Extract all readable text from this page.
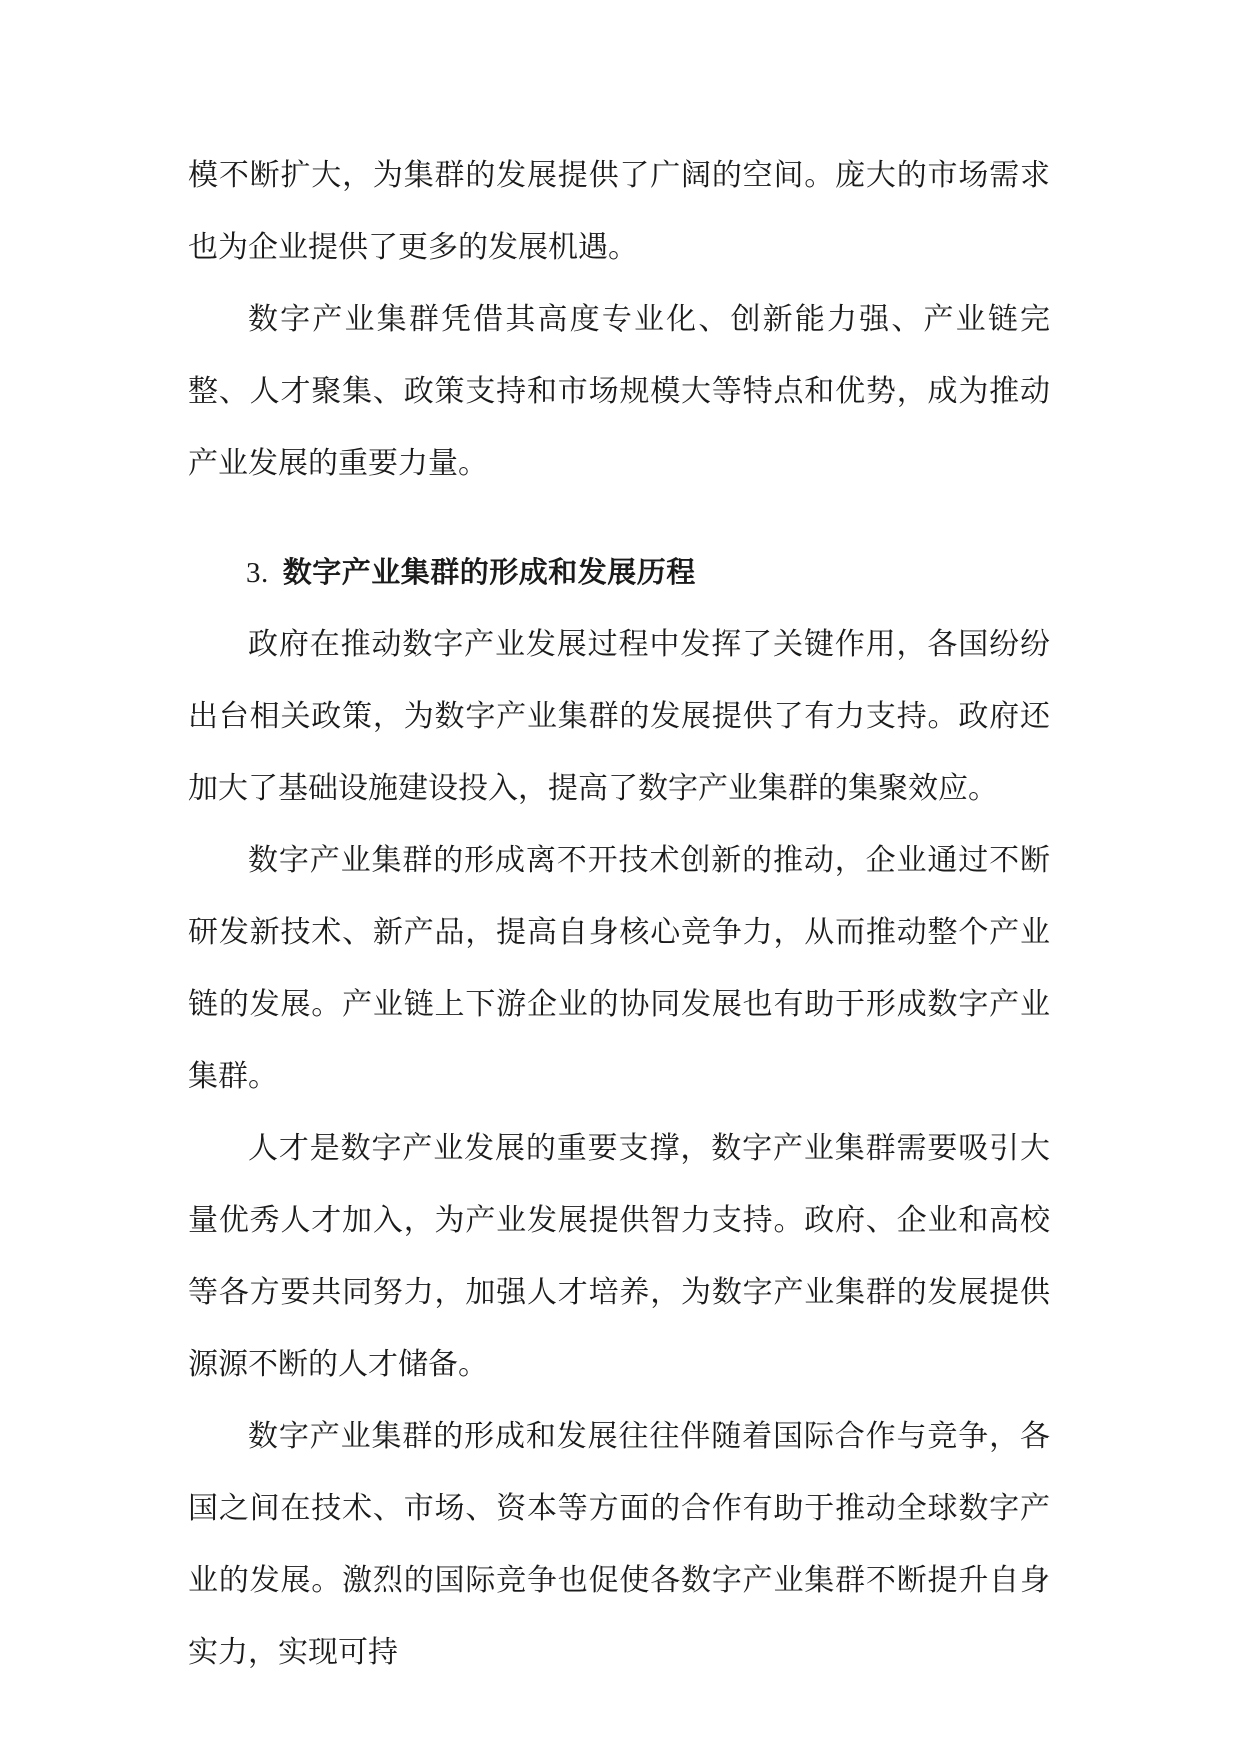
模不断扩大，为集群的发展提供了广阔的空间。庞大的市场需求也为企业提供了更多的发展机遇。

数字产业集群凭借其高度专业化、创新能力强、产业链完整、人才聚集、政策支持和市场规模大等特点和优势，成为推动产业发展的重要力量。

3. 数字产业集群的形成和发展历程

政府在推动数字产业发展过程中发挥了关键作用，各国纷纷出台相关政策，为数字产业集群的发展提供了有力支持。政府还加大了基础设施建设投入，提高了数字产业集群的集聚效应。

数字产业集群的形成离不开技术创新的推动，企业通过不断研发新技术、新产品，提高自身核心竞争力，从而推动整个产业链的发展。产业链上下游企业的协同发展也有助于形成数字产业集群。

人才是数字产业发展的重要支撑，数字产业集群需要吸引大量优秀人才加入，为产业发展提供智力支持。政府、企业和高校等各方要共同努力，加强人才培养，为数字产业集群的发展提供源源不断的人才储备。

数字产业集群的形成和发展往往伴随着国际合作与竞争，各国之间在技术、市场、资本等方面的合作有助于推动全球数字产业的发展。激烈的国际竞争也促使各数字产业集群不断提升自身实力，实现可持
